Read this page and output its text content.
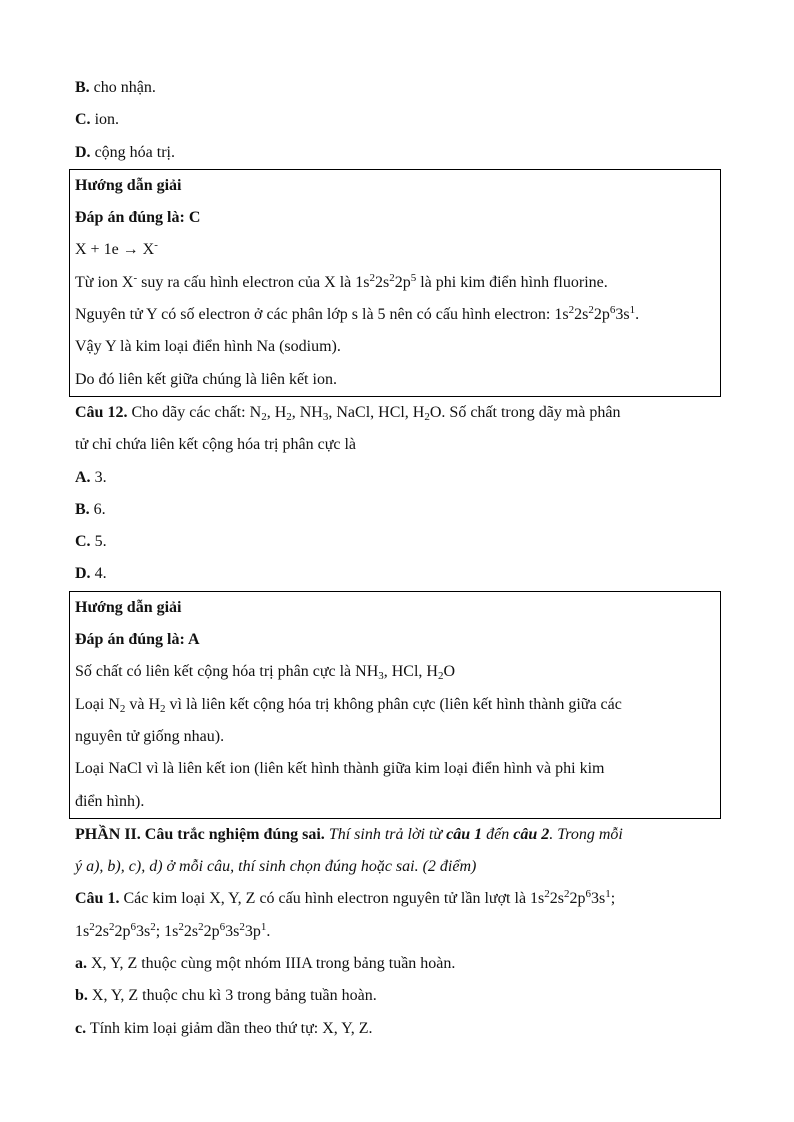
B. cho nhận.
C. ion.
D. cộng hóa trị.
Hướng dẫn giải
Đáp án đúng là: C
X + 1e → X-
Từ ion X- suy ra cấu hình electron của X là $1s^22s^22p^5$ là phi kim điển hình fluorine.
Nguyên tử Y có số electron ở các phân lớp s là 5 nên có cấu hình electron: $1s^22s^22p^63s^1$.
Vậy Y là kim loại điển hình Na (sodium).
Do đó liên kết giữa chúng là liên kết ion.
Câu 12. Cho dãy các chất: $N_2$, $H_2$, $NH_3$, NaCl, HCl, $H_2O$. Số chất trong dãy mà phân
tử chỉ chứa liên kết cộng hóa trị phân cực là
A. 3.
B. 6.
C. 5.
D. 4.
Hướng dẫn giải
Đáp án đúng là: A
Số chất có liên kết cộng hóa trị phân cực là $NH_3$, HCl, $H_2O$
Loại $N_2$ và $H_2$ vì là liên kết cộng hóa trị không phân cực (liên kết hình thành giữa các
nguyên tử giống nhau).
Loại NaCl vì là liên kết ion (liên kết hình thành giữa kim loại điển hình và phi kim
điển hình).
PHẦN II. Câu trắc nghiệm đúng sai. Thí sinh trả lời từ câu 1 đến câu 2. Trong mỗi
ý a), b), c), d) ở mỗi câu, thí sinh chọn đúng hoặc sai. (2 điểm)
Câu 1. Các kim loại X, Y, Z có cấu hình electron nguyên tử lần lượt là $1s^22s^22p^63s^1$;
$1s^22s^22p^63s^2$; $1s^22s^22p^63s^23p^1$.
a. X, Y, Z thuộc cùng một nhóm IIIA trong bảng tuần hoàn.
b. X, Y, Z thuộc chu kì 3 trong bảng tuần hoàn.
c. Tính kim loại giảm dần theo thứ tự: X, Y, Z.
